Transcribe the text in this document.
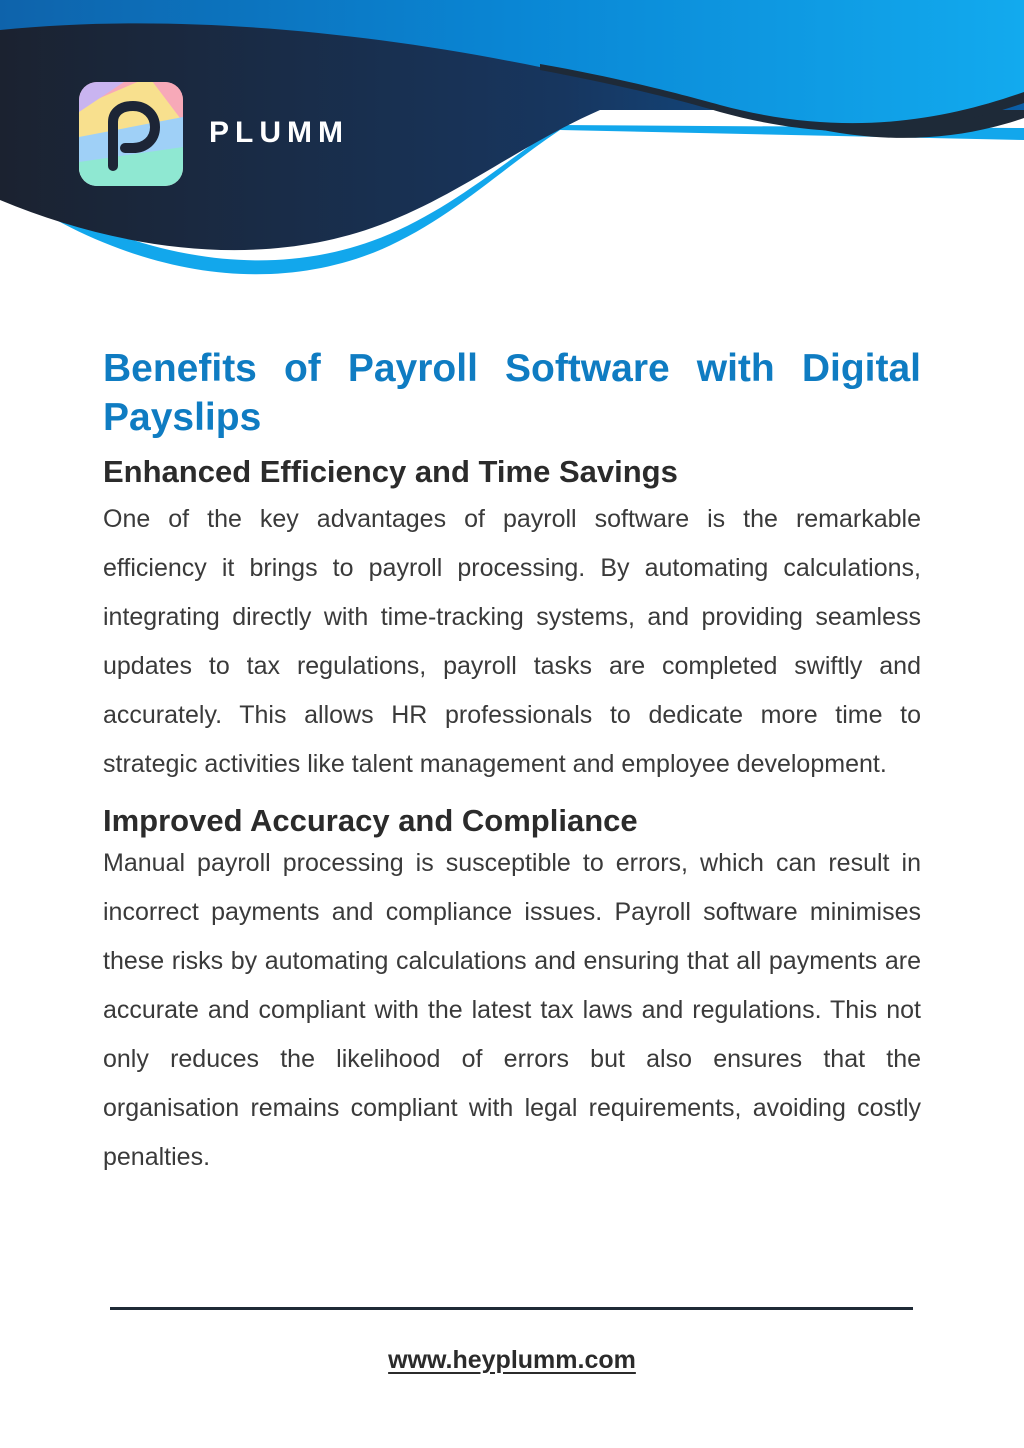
PLUMM
Benefits of Payroll Software with Digital Payslips
Enhanced Efficiency and Time Savings

One of the key advantages of payroll software is the remarkable efficiency it brings to payroll processing. By automating calculations, integrating directly with time-tracking systems, and providing seamless updates to tax regulations, payroll tasks are completed swiftly and accurately. This allows HR professionals to dedicate more time to strategic activities like talent management and employee development.

Improved Accuracy and Compliance

Manual payroll processing is susceptible to errors, which can result in incorrect payments and compliance issues. Payroll software minimises these risks by automating calculations and ensuring that all payments are accurate and compliant with the latest tax laws and regulations. This not only reduces the likelihood of errors but also ensures that the organisation remains compliant with legal requirements, avoiding costly penalties.

www.heyplumm.com
